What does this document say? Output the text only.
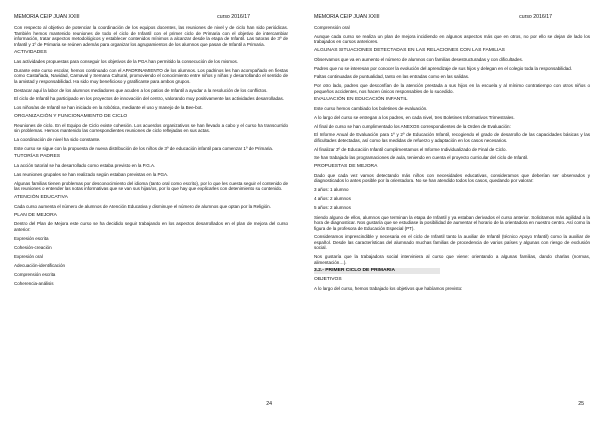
MEMORIA CEIP JUAN XXIII	curso 2016/17

Con respecto al objetivo de potenciar la coordinación de los equipos docentes, las reuniones de nivel y de ciclo han sido periódicas. También hemos mantenido reuniones de todo el ciclo de Infantil con el primer ciclo de Primaria con el objetivo de intercambiar información, tratar aspectos metodológicos y establecer contenidos mínimos a alcanzar desde la etapa de Infantil. Las tutoras de 3º de Infantil y 1º de Primaria se reúnen además para organizar los agrupamientos de los alumnos que pasan de Infantil a Primaria.

ACTIVIDADES

Las actividades propuestas para conseguir los objetivos de la PGA han permitido la consecución de los mismos.

Durante este curso escolar, hemos continuado con el APADRINAMIENTO de los alumnos. Los padrinos les han acompañado en fiestas como Castañada, Navidad, Carnaval y Semana Cultural, promoviendo el conocimiento entre niños y niñas y desarrollando el sentido de la amistad y responsabilidad. Ha sido muy beneficioso y gratificante para ambos grupos.

Destacar aquí la labor de los alumnos mediadores que acuden a los patios de Infantil a ayudar a la resolución de los conflictos.

El ciclo de Infantil ha participado en los proyectos de innovación del centro, valorando muy positivamente las actividades desarrolladas.

Los niños/as de Infantil se han iniciado en la robótica, mediante el uso y manejo de la Bee-bot.

ORGANIZACIÓN Y FUNCIONAMIENTO DE CICLO

Reuniones de ciclo. En el Equipo de Ciclo existe cohesión. Los acuerdos organizativos se han llevado a cabo y el curso ha transcurrido sin problemas. Hemos mantenido las correspondientes reuniones de ciclo reflejadas en sus actas.

La coordinación de nivel ha sido constante.

Este curso se sigue con la propuesta de nueva distribución de los niños de 3º de educación infantil para comenzar 1º de Primaria.

TUTORÍAS PADRES

La acción tutorial se ha desarrollado como estaba previsto en la P.G.A.

Las reuniones grupales se han realizado según estaban previstas en la PGA.

Algunas familias tienen problemas por desconocimiento del idioma (tanto oral como escrito), por lo que les cuesta seguir el contenido de las reuniones o entender las notas informativas que se van sus hijas/os, por lo que hay que explicarles con detenimiento su contenido.

ATENCIÓN EDUCATIVA

Cada curso aumenta el número de alumnos de Atención Educativa y disminuye el número de alumnos que optan por la Religión.

PLAN DE MEJORA

Dentro del Plan de Mejora este curso se ha decidido seguir trabajando en los aspectos desarrollados en el plan de mejora del curso anterior:

Expresión escrita

Cohesión-creación

Expresión oral

Adecuación-identificación

Comprensión escrita

Coherencia-análisis

24
MEMORIA CEIP JUAN XXIII	curso 2016/17

Comprensión oral

Aunque cada curso se realiza un plan de mejora incidiendo en algunos aspectos más que en otros, no por ello se dejan de lado los trabajados en cursos anteriores.

ALGUNAS SITUACIONES DETECTADAS EN LAS RELACIONES CON LAS FAMILIAS

Observamos que va en aumento el número de alumnos con familias desestructuradas y con dificultades.

Padres que no se interesan por conocer la evolución del aprendizaje de sus hijos y delegan en el colegio toda la responsabilidad.

Faltas continuadas de puntualidad, tanto en las entradas como en las salidas.

Por otro lado, padres que desconfían de la atención prestada a sus hijos en la escuela y al mínimo contratiempo con otros niños o pequeños accidentes, nos hacen únicos responsables de lo sucedido.

EVALUACIÓN EN EDUCACIÓN INFANTIL

Este curso hemos cambiado los boletines de evaluación.

A lo largo del curso se entregan a los padres, en cada nivel, tres Boletines Informativos Trimestrales.

Al final de curso se han cumplimentado los ANEXOS correspondientes de la Orden de Evaluación:

El Informe Anual de Evaluación para 1º y 2º de Educación Infantil, recogiendo el grado de desarrollo de las capacidades básicas y las dificultades detectadas, así como las medidas de refuerzo y adaptación en los casos necesarios.

Al finalizar 3º de Educación Infantil cumplimentamos el Informe Individualizado de Final de Ciclo.

Se han trabajado las programaciones de aula, teniendo en cuenta el proyecto curricular del ciclo de Infantil.

PROPUESTAS DE MEJORA

Dado que cada vez vamos detectando más niños con necesidades educativas, consideramos que deberían ser observados y diagnosticados lo antes posible por la orientadora. No se han atendido todos los casos, quedando por valorar:

3 años: 1 alumno

4 años: 2 alumnos

5 años: 2 alumnos

Siendo alguno de ellos, alumnos que terminan la etapa de Infantil y ya estaban derivados el curso anterior. Solicitamos más agilidad a la hora de diagnosticar. Nos gustaría que se estudiase la posibilidad de aumentar el horario de la orientadora en nuestro centro. Así como la figura de la profesora de Educación Especial (PT).

Consideramos imprescindible y necesaria en el ciclo de Infantil tanto la auxiliar de Infantil (técnico Apoyo Infantil) como la auxiliar de español. Desde las características del alumnado muchas familias de procedencia de varios países y algunas con riesgo de exclusión social.

Nos gustaría que la trabajadora social interviniera al curso que viene: orientando a algunas familias, dando charlas (normas, alimentación…).

3.2.- PRIMER CICLO DE PRIMARIA

OBJETIVOS

A lo largo del curso, hemos trabajado los objetivos que habíamos previsto:

25
